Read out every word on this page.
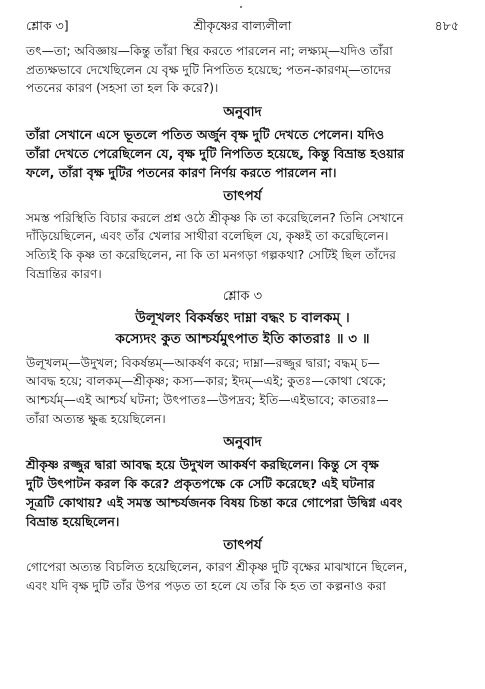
শ্লোক ৩]	শ্রীকৃষ্ণের বাল্যলীলা	৪৮৫

তৎ—তা; অবিজ্ঞায়—কিন্তু তাঁরা স্থির করতে পারলেন না; লক্ষ্যম্—যদিও তাঁরা
প্রত্যক্ষভাবে দেখেছিলেন যে বৃক্ষ দুটি নিপতিত হয়েছে; পতন-কারণম্—তাদের
পতনের কারণ (সহসা তা হল কি করে?)।

অনুবাদ

তাঁরা সেখানে এসে ভূতলে পতিত অর্জুন বৃক্ষ দুটি দেখতে পেলেন। যদিও
তাঁরা দেখতে পেরেছিলেন যে, বৃক্ষ দুটি নিপতিত হয়েছে, কিন্তু বিভ্রান্ত হওয়ার
ফলে, তাঁরা বৃক্ষ দুটির পতনের কারণ নির্ণয় করতে পারলেন না।

তাৎপর্য

সমস্ত পরিস্থিতি বিচার করলে প্রশ্ন ওঠে শ্রীকৃষ্ণ কি তা করেছিলেন? তিনি সেখানে
দাঁড়িয়েছিলেন, এবং তাঁর খেলার সাথীরা বলেছিল যে, কৃষ্ণই তা করেছিলেন।
সত্যিই কি কৃষ্ণ তা করেছিলেন, না কি তা মনগড়া গল্পকথা? সেটিই ছিল তাঁদের
বিভ্রান্তির কারণ।

শ্লোক ৩
উলূখলং বিকর্ষন্তং দাম্না বদ্ধং চ বালকম্ ।
কস্যেদং কুত আশ্চর্যমুৎপাত ইতি কাতরাঃ ॥ ৩ ॥

উলূখলম্—উদুখল; বিকর্ষন্তম্—আকর্ষণ করে; দাম্না—রজ্জুর দ্বারা; বদ্ধম্ চ—
আবদ্ধ হয়ে; বালকম্—শ্রীকৃষ্ণ; কস্য—কার; ইদম্—এই; কুতঃ—কোথা থেকে;
আশ্চর্যম্—এই আশ্চর্য ঘটনা; উৎপাতঃ—উপদ্রব; ইতি—এইভাবে; কাতরাঃ—
তাঁরা অত্যন্ত ক্ষুব্ধ হয়েছিলেন।

অনুবাদ

শ্রীকৃষ্ণ রজ্জুর দ্বারা আবদ্ধ হয়ে উদুখল আকর্ষণ করছিলেন। কিন্তু সে বৃক্ষ
দুটি উৎপাটন করল কি করে? প্রকৃতপক্ষে কে সেটি করেছে? এই ঘটনার
সূত্রটি কোথায়? এই সমস্ত আশ্চর্যজনক বিষয় চিন্তা করে গোপেরা উদ্বিগ্ন এবং
বিভ্রান্ত হয়েছিলেন।

তাৎপর্য

গোপেরা অত্যন্ত বিচলিত হয়েছিলেন, কারণ শ্রীকৃষ্ণ দুটি বৃক্ষের মাঝখানে ছিলেন,
এবং যদি বৃক্ষ দুটি তাঁর উপর পড়ত তা হলে যে তাঁর কি হত তা কল্পনাও করা
